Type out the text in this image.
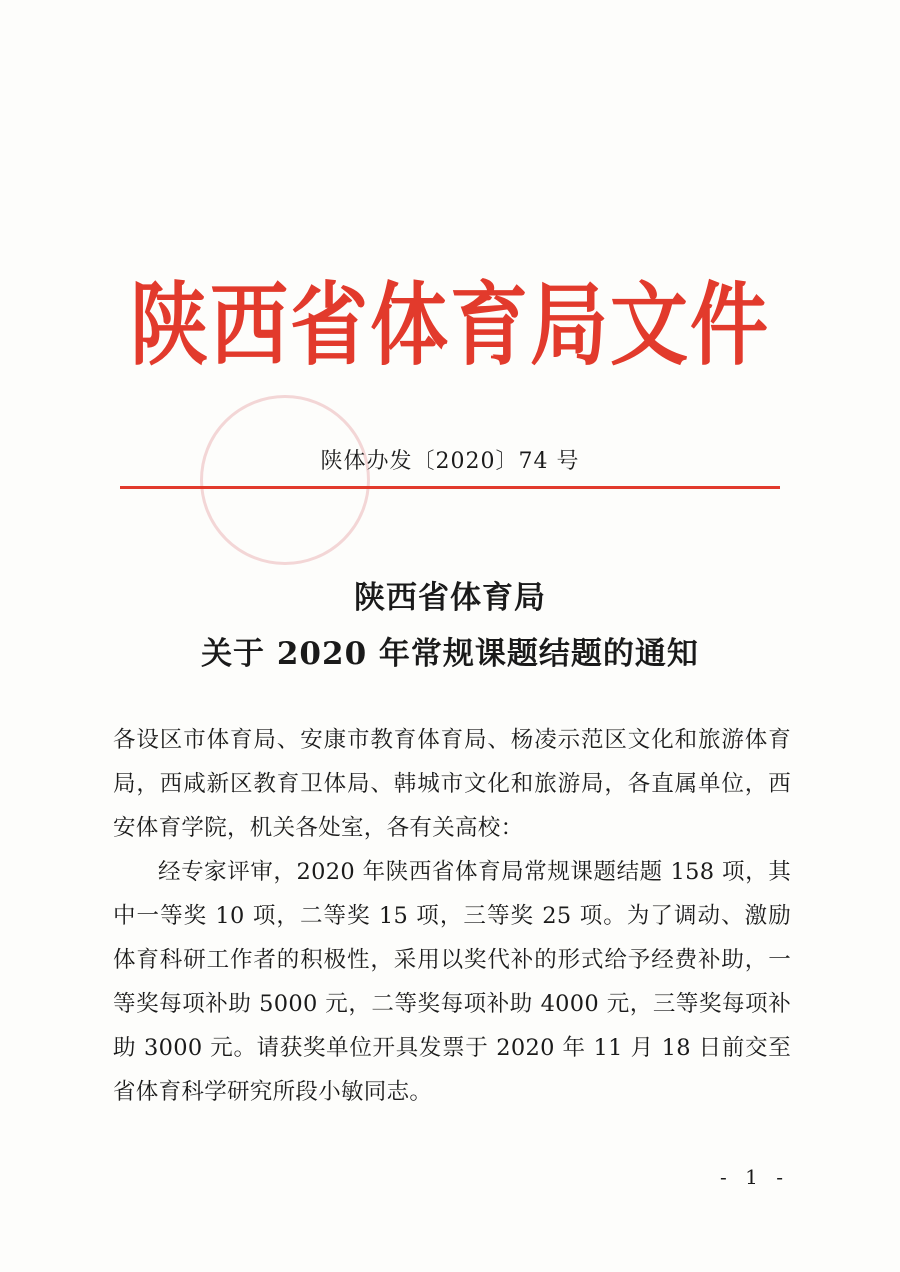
陕西省体育局文件
陕体办发〔2020〕74 号
陕西省体育局
关于 2020 年常规课题结题的通知

各设区市体育局、安康市教育体育局、杨凌示范区文化和旅游体育局，西咸新区教育卫体局、韩城市文化和旅游局，各直属单位，西安体育学院，机关各处室，各有关高校：

经专家评审，2020 年陕西省体育局常规课题结题 158 项，其中一等奖 10 项，二等奖 15 项，三等奖 25 项。为了调动、激励体育科研工作者的积极性，采用以奖代补的形式给予经费补助，一等奖每项补助 5000 元，二等奖每项补助 4000 元，三等奖每项补助 3000 元。请获奖单位开具发票于 2020 年 11 月 18 日前交至省体育科学研究所段小敏同志。

- 1 -
